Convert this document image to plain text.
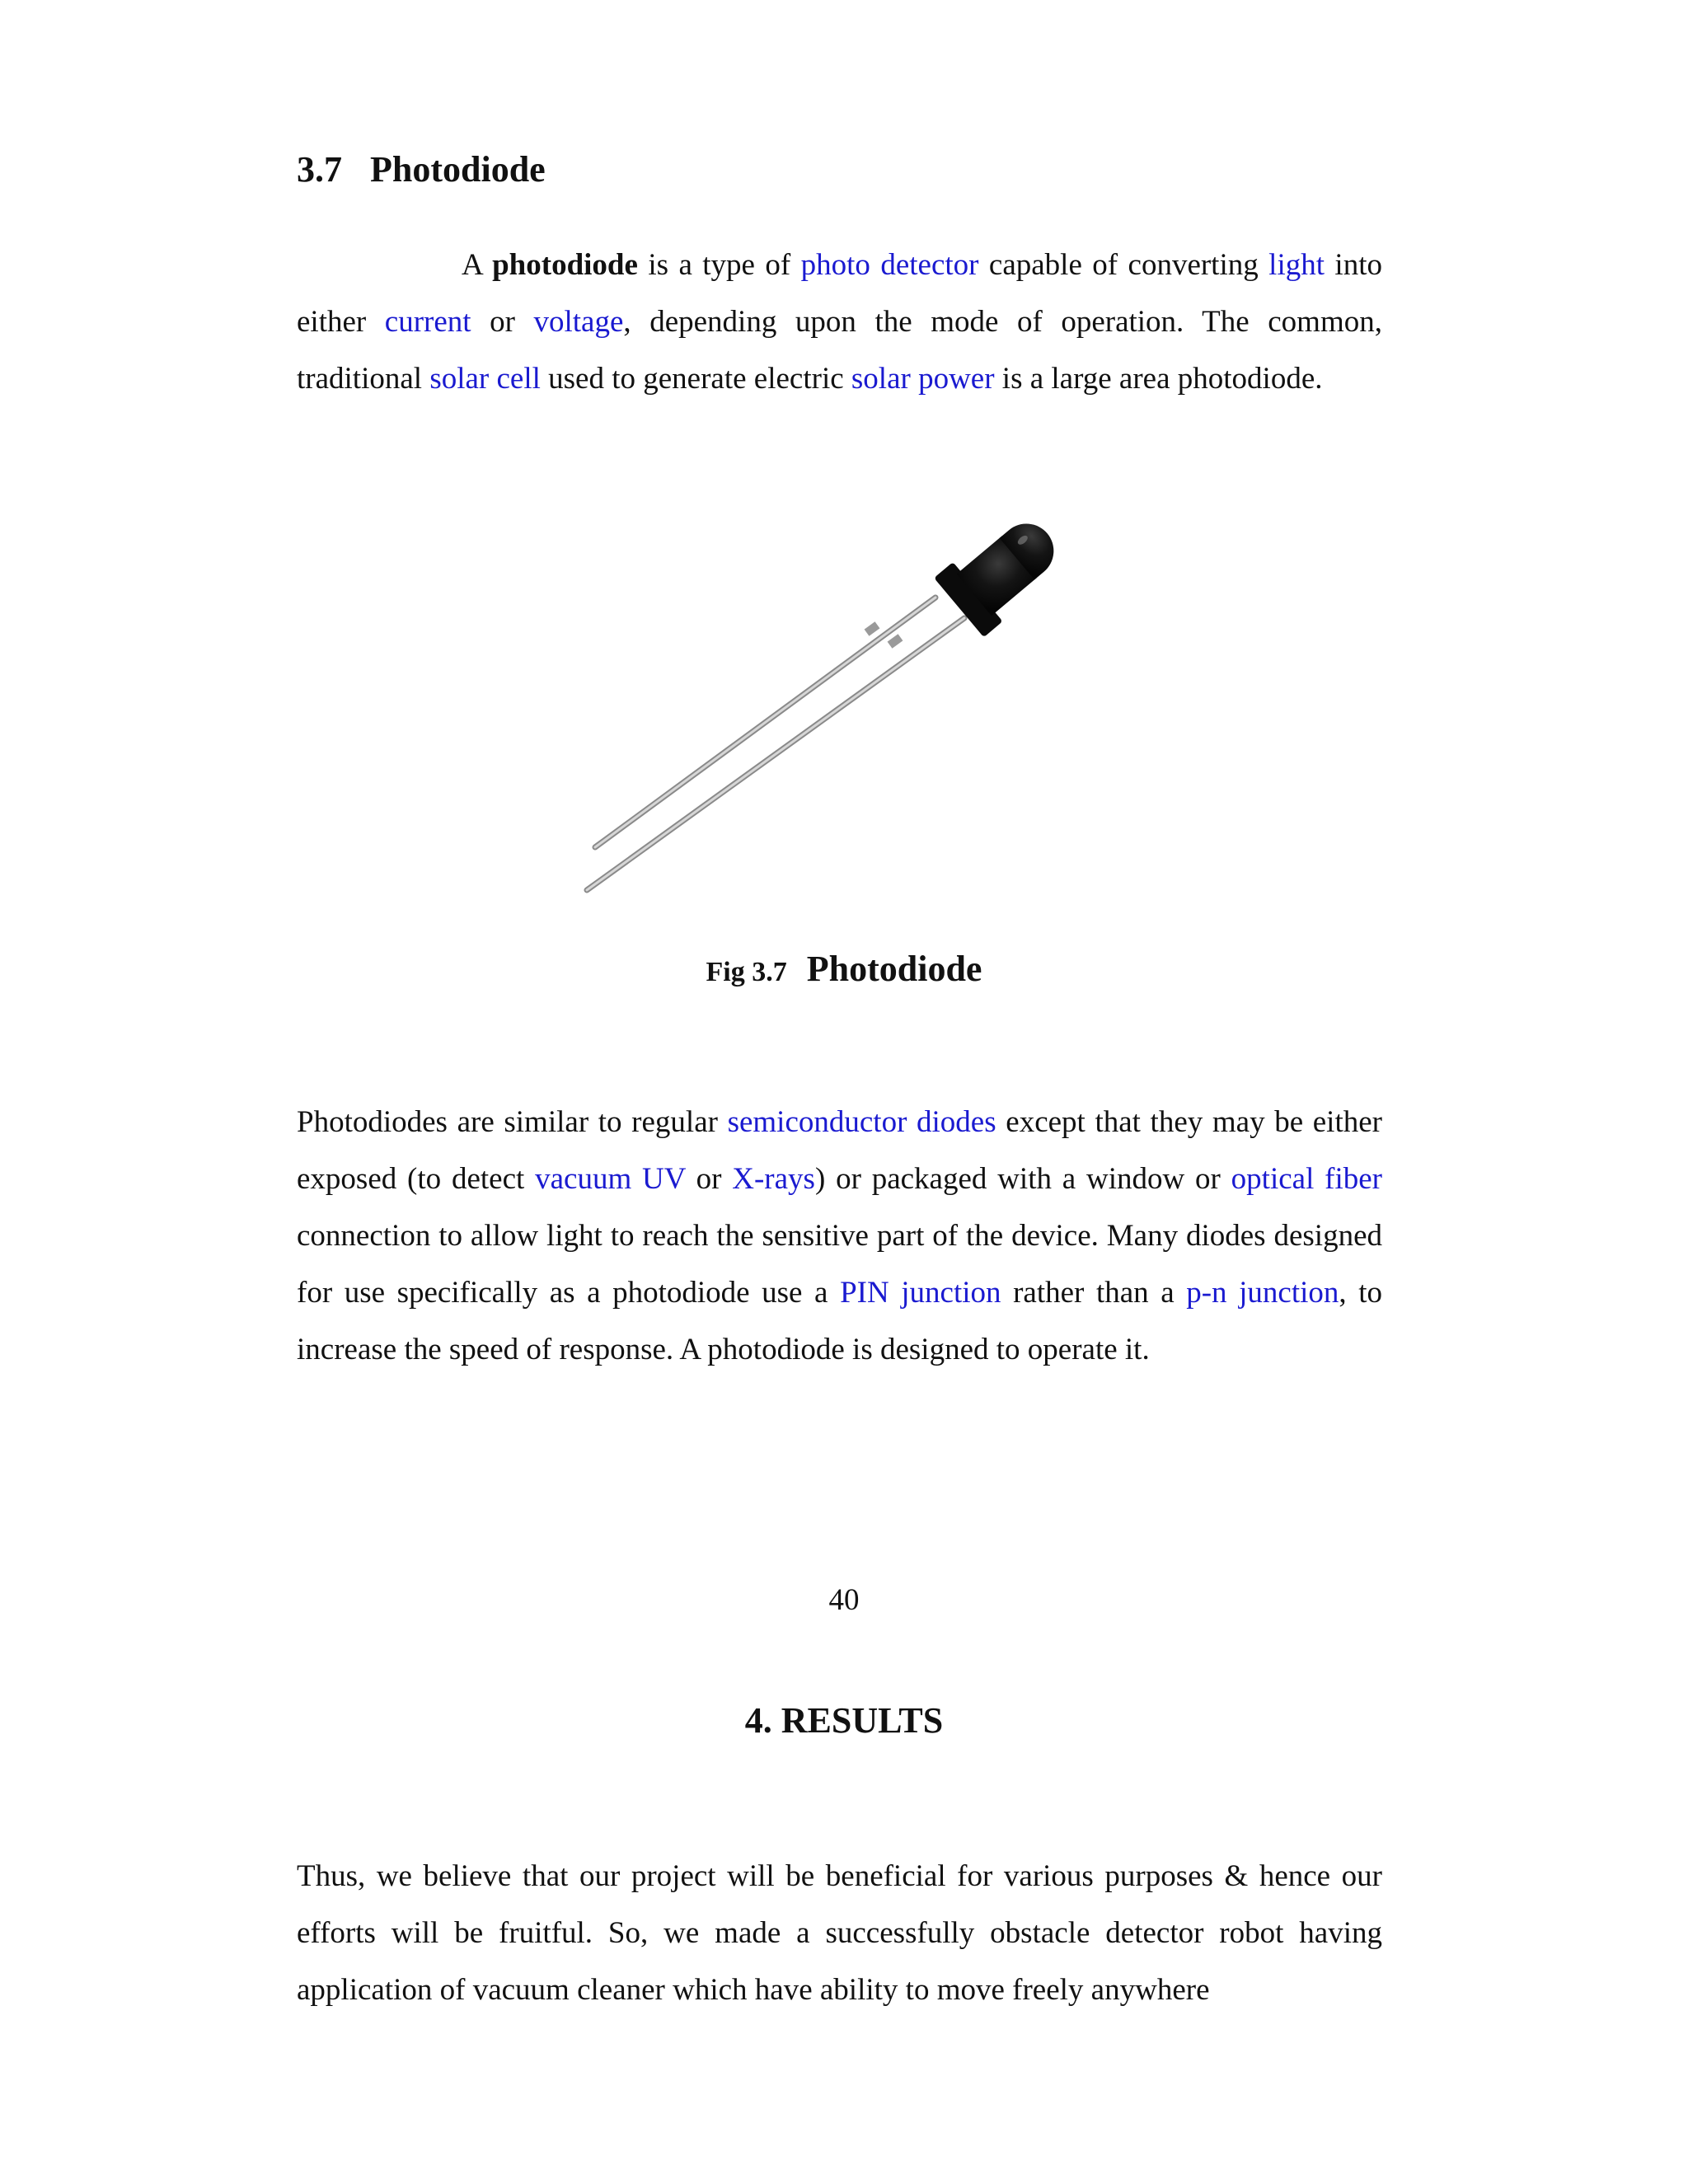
3.7 Photodiode

A photodiode is a type of photo detector capable of converting light into either current or voltage, depending upon the mode of operation. The common, traditional solar cell used to generate electric solar power is a large area photodiode.

Fig 3.7 Photodiode

Photodiodes are similar to regular semiconductor diodes except that they may be either exposed (to detect vacuum UV or X-rays) or packaged with a window or optical fiber connection to allow light to reach the sensitive part of the device. Many diodes designed for use specifically as a photodiode use a PIN junction rather than a p-n junction, to increase the speed of response. A photodiode is designed to operate it.

40
4. RESULTS

Thus, we believe that our project will be beneficial for various purposes & hence our efforts will be fruitful. So, we made a successfully obstacle detector robot having application of vacuum cleaner which have ability to move freely anywhere
